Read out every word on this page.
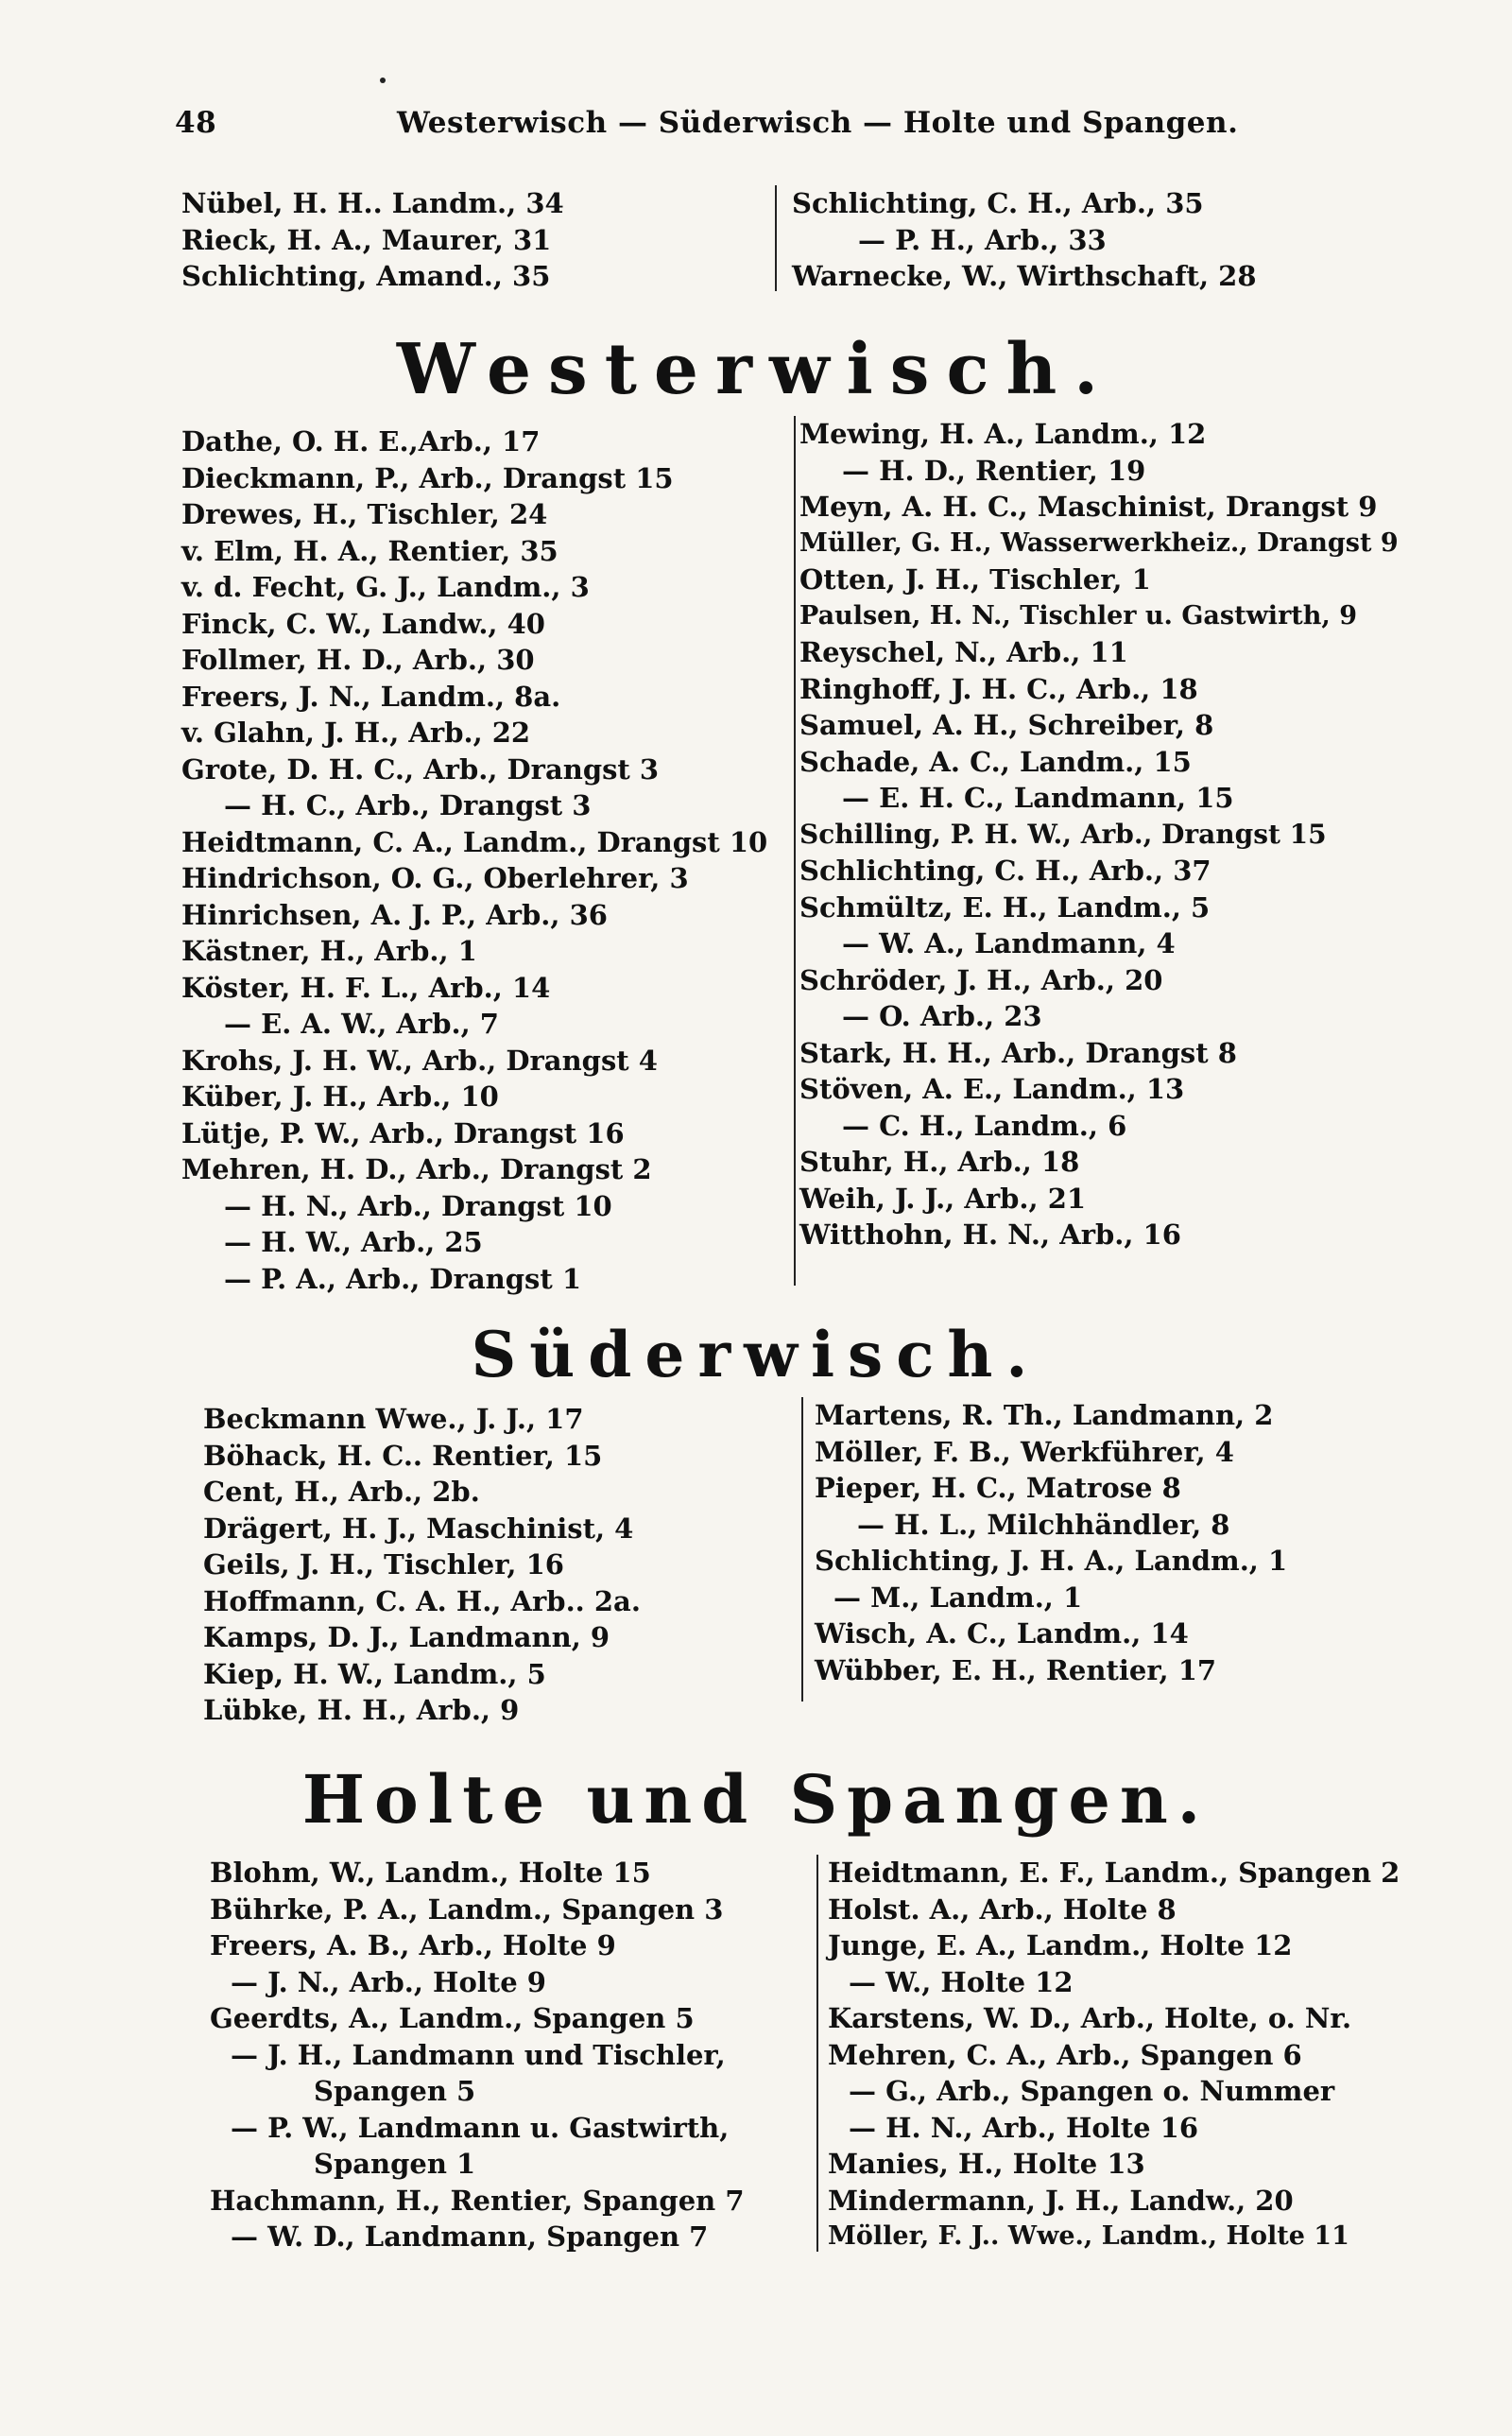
48	Westerwisch — Süderwisch — Holte und Spangen.
Nübel, H. H.. Landm., 34
Rieck, H. A., Maurer, 31
Schlichting, Amand., 35
Schlichting, C. H., Arb., 35
— P. H., Arb., 33
Warnecke, W., Wirthschaft, 28
Westerwisch.
Dathe, O. H. E.,Arb., 17
Dieckmann, P., Arb., Drangst 15
Drewes, H., Tischler, 24
v. Elm, H. A., Rentier, 35
v. d. Fecht, G. J., Landm., 3
Finck, C. W., Landw., 40
Follmer, H. D., Arb., 30
Freers, J. N., Landm., 8a.
v. Glahn, J. H., Arb., 22
Grote, D. H. C., Arb., Drangst 3
— H. C., Arb., Drangst 3
Heidtmann, C. A., Landm., Drangst 10
Hindrichson, O. G., Oberlehrer, 3
Hinrichsen, A. J. P., Arb., 36
Kästner, H., Arb., 1
Köster, H. F. L., Arb., 14
— E. A. W., Arb., 7
Krohs, J. H. W., Arb., Drangst 4
Küber, J. H., Arb., 10
Lütje, P. W., Arb., Drangst 16
Mehren, H. D., Arb., Drangst 2
— H. N., Arb., Drangst 10
— H. W., Arb., 25
— P. A., Arb., Drangst 1
Mewing, H. A., Landm., 12
— H. D., Rentier, 19
Meyn, A. H. C., Maschinist, Drangst 9
Müller, G. H., Wasserwerkheiz., Drangst 9
Otten, J. H., Tischler, 1
Paulsen, H. N., Tischler u. Gastwirth, 9
Reyschel, N., Arb., 11
Ringhoff, J. H. C., Arb., 18
Samuel, A. H., Schreiber, 8
Schade, A. C., Landm., 15
— E. H. C., Landmann, 15
Schilling, P. H. W., Arb., Drangst 15
Schlichting, C. H., Arb., 37
Schmültz, E. H., Landm., 5
— W. A., Landmann, 4
Schröder, J. H., Arb., 20
— O. Arb., 23
Stark, H. H., Arb., Drangst 8
Stöven, A. E., Landm., 13
— C. H., Landm., 6
Stuhr, H., Arb., 18
Weih, J. J., Arb., 21
Witthohn, H. N., Arb., 16
Süderwisch.
Beckmann Wwe., J. J., 17
Böhack, H. C.. Rentier, 15
Cent, H., Arb., 2b.
Drägert, H. J., Maschinist, 4
Geils, J. H., Tischler, 16
Hoffmann, C. A. H., Arb.. 2a.
Kamps, D. J., Landmann, 9
Kiep, H. W., Landm., 5
Lübke, H. H., Arb., 9
Martens, R. Th., Landmann, 2
Möller, F. B., Werkführer, 4
Pieper, H. C., Matrose 8
— H. L., Milchhändler, 8
Schlichting, J. H. A., Landm., 1
— M., Landm., 1
Wisch, A. C., Landm., 14
Wübber, E. H., Rentier, 17
Holte und Spangen.
Blohm, W., Landm., Holte 15
Bührke, P. A., Landm., Spangen 3
Freers, A. B., Arb., Holte 9
— J. N., Arb., Holte 9
Geerdts, A., Landm., Spangen 5
— J. H., Landmann und Tischler,
Spangen 5
— P. W., Landmann u. Gastwirth,
Spangen 1
Hachmann, H., Rentier, Spangen 7
— W. D., Landmann, Spangen 7
Heidtmann, E. F., Landm., Spangen 2
Holst. A., Arb., Holte 8
Junge, E. A., Landm., Holte 12
— W., Holte 12
Karstens, W. D., Arb., Holte, o. Nr.
Mehren, C. A., Arb., Spangen 6
— G., Arb., Spangen o. Nummer
— H. N., Arb., Holte 16
Manies, H., Holte 13
Mindermann, J. H., Landw., 20
Möller, F. J.. Wwe., Landm., Holte 11
